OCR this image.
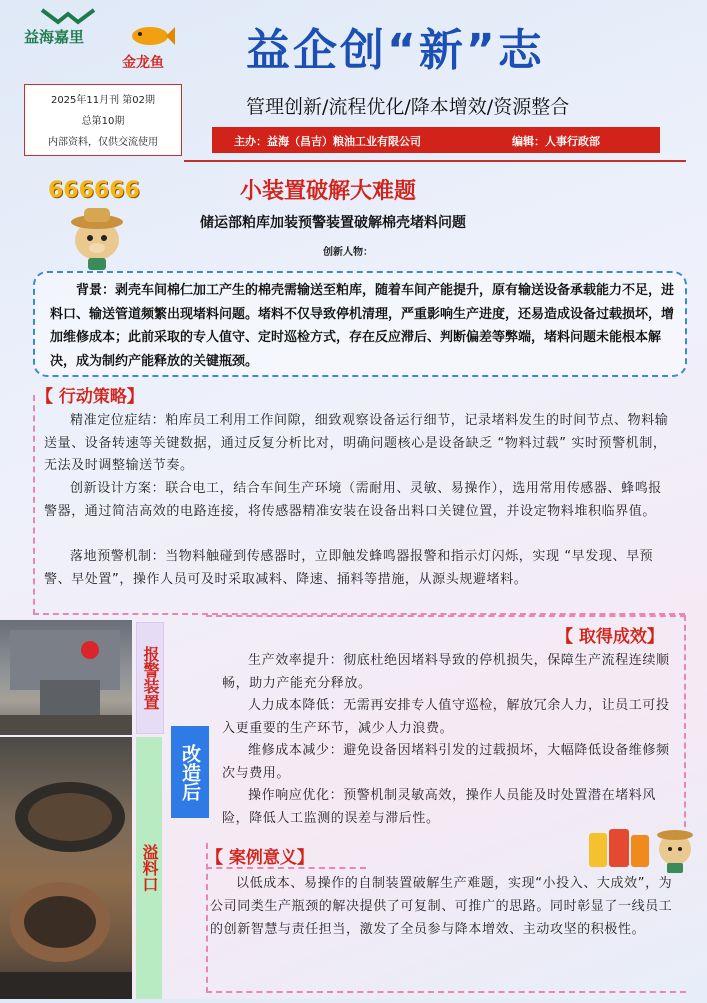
益海嘉里
金龙鱼 益企创“新”志
管理创新/流程优化/降本增效/资源整合
2025年11月刊 第02期
总第10期
内部资料，仅供交流使用	主办：益海（昌吉）粮油工业有限公司	编辑：人事行政部
666666	小装置破解大难题
储运部粕库加装预警装置破解棉壳堵料问题
创新人物：
背景：剥壳车间棉仁加工产生的棉壳需输送至粕库，随着车间产能提升，原有输送设备承载能力不足，进料口、输送管道频繁出现堵料问题。堵料不仅导致停机清理，严重影响生产进度，还易造成设备过载损坏，增加维修成本；此前采取的专人值守、定时巡检方式，存在反应滞后、判断偏差等弊端，堵料问题未能根本解决，成为制约产能释放的关键瓶颈。
【 行动策略】
精准定位症结：粕库员工利用工作间隙，细致观察设备运行细节，记录堵料发生的时间节点、物料输送量、设备转速等关键数据，通过反复分析比对，明确问题核心是设备缺乏 “物料过载” 实时预警机制，无法及时调整输送节奏。
创新设计方案：联合电工，结合车间生产环境（需耐用、灵敏、易操作），选用常用传感器、蜂鸣报警器，通过简洁高效的电路连接，将传感器精准安装在设备出料口关键位置，并设定物料堆积临界值。
落地预警机制：当物料触碰到传感器时，立即触发蜂鸣器报警和指示灯闪烁，实现 “早发现、早预警、早处置”，操作人员可及时采取减料、降速、捅料等措施，从源头规避堵料。
报警装置
溢料口
改造后
【 取得成效】
生产效率提升：彻底杜绝因堵料导致的停机损失，保障生产流程连续顺畅，助力产能充分释放。
人力成本降低：无需再安排专人值守巡检，解放冗余人力，让员工可投入更重要的生产环节，减少人力浪费。
维修成本减少：避免设备因堵料引发的过载损坏，大幅降低设备维修频次与费用。
操作响应优化：预警机制灵敏高效，操作人员能及时处置潜在堵料风险，降低人工监测的误差与滞后性。
【 案例意义】
以低成本、易操作的自制装置破解生产难题，实现“小投入、大成效”，为公司同类生产瓶颈的解决提供了可复制、可推广的思路。同时彰显了一线员工的创新智慧与责任担当，激发了全员参与降本增效、主动攻坚的积极性。
